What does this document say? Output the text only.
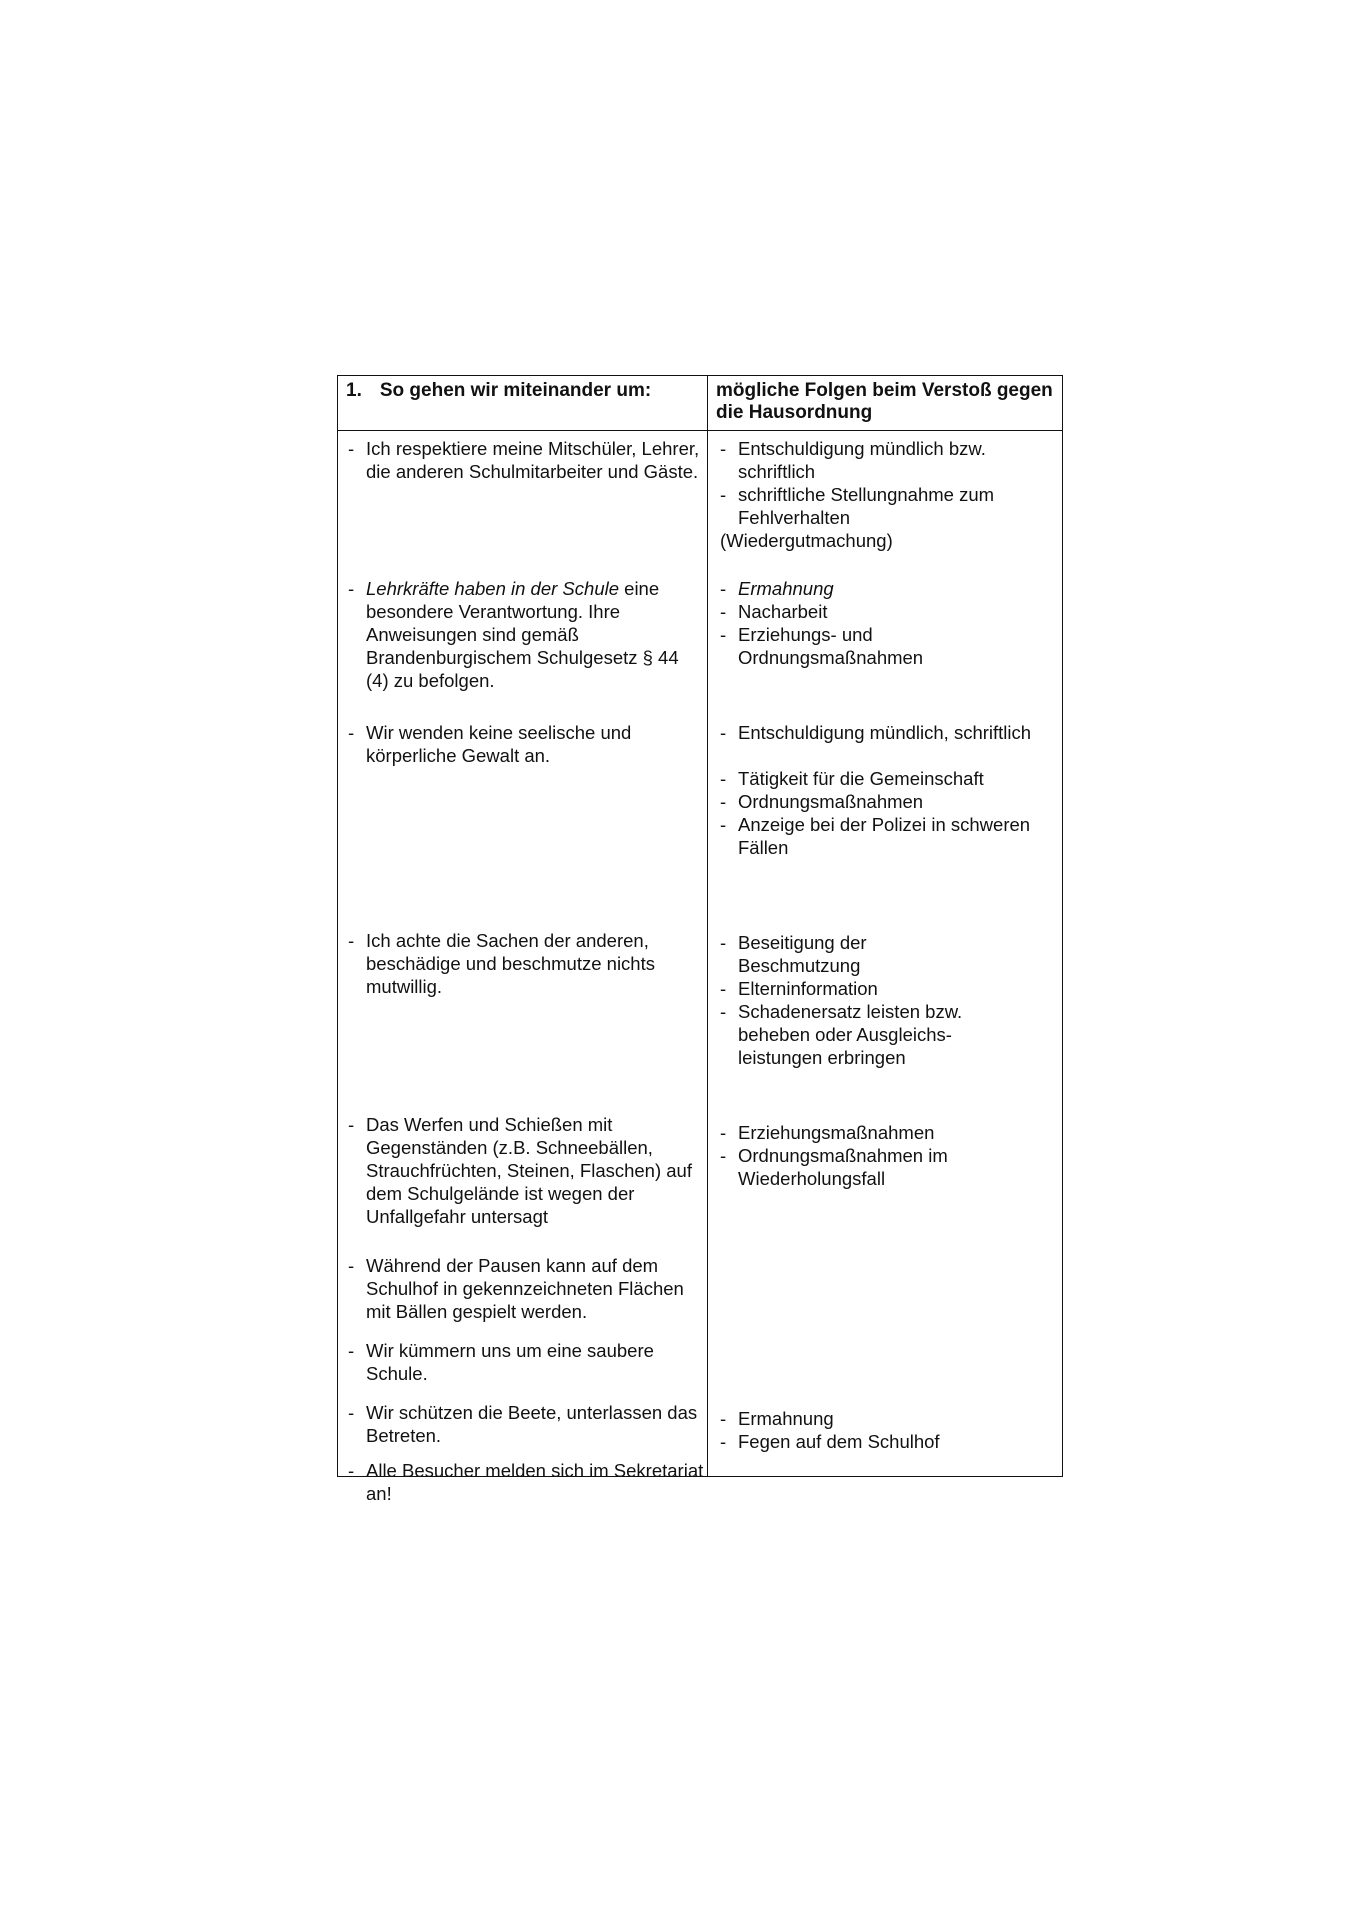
1. So gehen wir miteinander um:	mögliche Folgen beim Verstoß gegen die Hausordnung
- Ich respektiere meine Mitschüler, Lehrer, die anderen Schulmitarbeiter und Gäste.
- Lehrkräfte haben in der Schule eine besondere Verantwortung. Ihre Anweisungen sind gemäß Brandenburgischem Schulgesetz § 44 (4) zu befolgen.
- Wir wenden keine seelische und körperliche Gewalt an.
- Ich achte die Sachen der anderen, beschädige und beschmutze nichts mutwillig.
- Das Werfen und Schießen mit Gegenständen (z.B. Schneebällen, Strauchfrüchten, Steinen, Flaschen) auf dem Schulgelände ist wegen der Unfallgefahr untersagt
- Während der Pausen kann auf dem Schulhof in gekennzeichneten Flächen mit Bällen gespielt werden.
- Wir kümmern uns um eine saubere Schule.
- Wir schützen die Beete, unterlassen das Betreten.
- Alle Besucher melden sich im Sekretariat an!
- Entschuldigung mündlich bzw. schriftlich
- schriftliche Stellungnahme zum Fehlverhalten
(Wiedergutmachung)
- Ermahnung
- Nacharbeit
- Erziehungs- und Ordnungsmaßnahmen
- Entschuldigung mündlich, schriftlich
- Tätigkeit für die Gemeinschaft
- Ordnungsmaßnahmen
- Anzeige bei der Polizei in schweren Fällen
- Beseitigung der Beschmutzung
- Elterninformation
- Schadenersatz leisten bzw. beheben oder Ausgleichs- leistungen erbringen
- Erziehungsmaßnahmen
- Ordnungsmaßnahmen im Wiederholungsfall
- Ermahnung
- Fegen auf dem Schulhof
